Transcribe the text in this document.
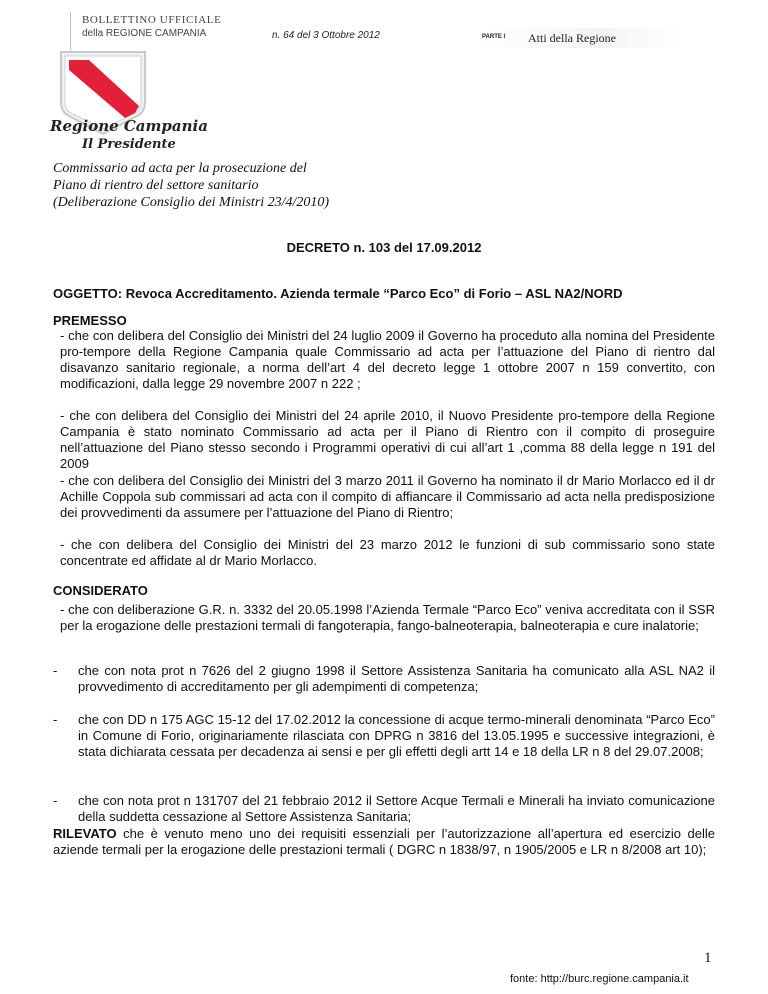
BOLLETTINO UFFICIALE
della REGIONE CAMPANIA	n. 64 del 3 Ottobre 2012	PARTE I Atti della Regione
Regione Campania
Il Presidente
Commissario ad acta per la prosecuzione del
Piano di rientro del settore sanitario
(Deliberazione Consiglio dei Ministri 23/4/2010)
DECRETO n. 103 del 17.09.2012
OGGETTO: Revoca Accreditamento. Azienda termale “Parco Eco” di Forio – ASL NA2/NORD
PREMESSO
- che con delibera del Consiglio dei Ministri del 24 luglio 2009 il Governo ha proceduto alla nomina del Presidente pro-tempore della Regione Campania quale Commissario ad acta per l’attuazione del Piano di rientro dal disavanzo sanitario regionale, a norma dell’art 4 del decreto legge 1 ottobre 2007 n 159 convertito, con modificazioni, dalla legge 29 novembre 2007 n 222 ;
- che con delibera del Consiglio dei Ministri del 24 aprile 2010, il Nuovo Presidente pro-tempore della Regione Campania è stato nominato Commissario ad acta per il Piano di Rientro con il compito di proseguire nell’attuazione del Piano stesso secondo i Programmi operativi di cui all’art 1 ,comma 88 della legge n 191 del 2009
- che con delibera del Consiglio dei Ministri del 3 marzo 2011 il Governo ha nominato il dr Mario Morlacco ed il dr Achille Coppola sub commissari ad acta con il compito di affiancare il Commissario ad acta nella predisposizione dei provvedimenti da assumere per l’attuazione del Piano di Rientro;
- che con delibera del Consiglio dei Ministri del 23 marzo 2012 le funzioni di sub commissario sono state concentrate ed affidate al dr Mario Morlacco.
CONSIDERATO
- che con deliberazione G.R. n. 3332 del 20.05.1998 l’Azienda Termale “Parco Eco” veniva accreditata con il SSR per la erogazione delle prestazioni termali di fangoterapia, fango-balneoterapia, balneoterapia e cure inalatorie;
- che con nota prot n 7626 del 2 giugno 1998 il Settore Assistenza Sanitaria ha comunicato alla ASL NA2 il provvedimento di accreditamento per gli adempimenti di competenza;
- che con DD n 175 AGC 15-12 del 17.02.2012 la concessione di acque termo-minerali denominata “Parco Eco” in Comune di Forio, originariamente rilasciata con DPRG n 3816 del 13.05.1995 e successive integrazioni, è stata dichiarata cessata per decadenza ai sensi e per gli effetti degli artt 14 e 18 della LR n 8 del 29.07.2008;
- che con nota prot n 131707 del 21 febbraio 2012 il Settore Acque Termali e Minerali ha inviato comunicazione della suddetta cessazione al Settore Assistenza Sanitaria;
RILEVATO che è venuto meno uno dei requisiti essenziali per l’autorizzazione all’apertura ed esercizio delle aziende termali per la erogazione delle prestazioni termali ( DGRC n 1838/97, n 1905/2005 e LR n 8/2008 art 10);
1
fonte: http://burc.regione.campania.it
